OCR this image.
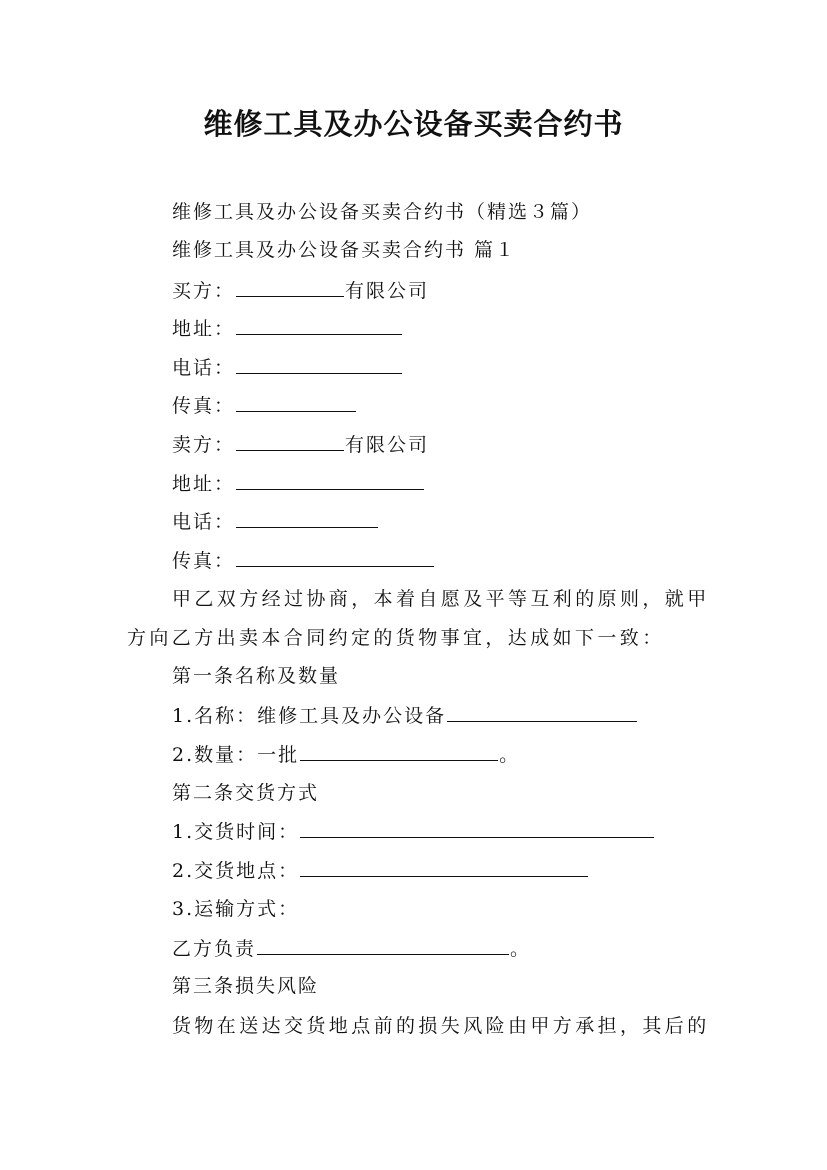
维修工具及办公设备买卖合约书
维修工具及办公设备买卖合约书（精选３篇）
维修工具及办公设备买卖合约书 篇１
买方：	有限公司
地址：
电话：
传真：
卖方：	有限公司
地址：
电话：
传真：
甲乙双方经过协商，本着自愿及平等互利的原则，就甲
方向乙方出卖本合同约定的货物事宜，达成如下一致：
第一条名称及数量
1.名称：维修工具及办公设备
2.数量：一批	。
第二条交货方式
1.交货时间：
2.交货地点：
3.运输方式：
乙方负责	。
第三条损失风险
货物在送达交货地点前的损失风险由甲方承担，其后的
